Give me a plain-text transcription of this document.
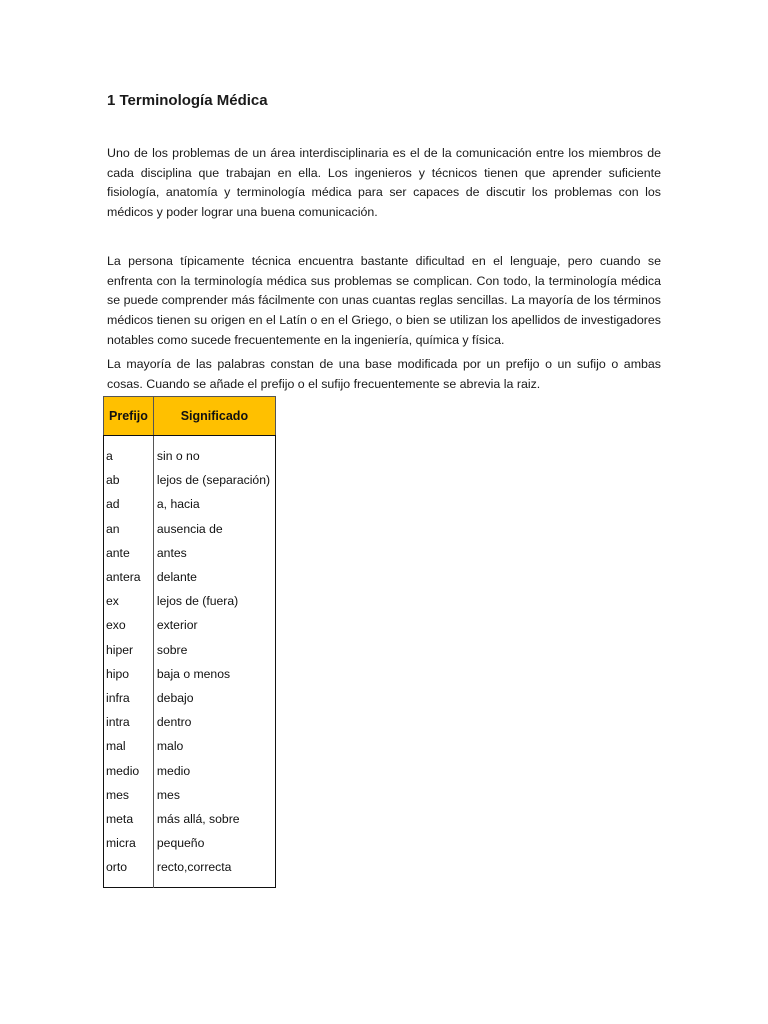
1 Terminología Médica

Uno de los problemas de un área interdisciplinaria es el de la comunicación entre los miembros de cada disciplina que trabajan en ella. Los ingenieros y técnicos tienen que aprender suficiente fisiología, anatomía y terminología médica para ser capaces de discutir los problemas con los médicos y poder lograr una buena comunicación.

La persona típicamente técnica encuentra bastante dificultad en el lenguaje, pero cuando se enfrenta con la terminología médica sus problemas se complican. Con todo, la terminología médica se puede comprender más fácilmente con unas cuantas reglas sencillas. La mayoría de los términos médicos tienen su origen en el Latín o en el Griego, o bien se utilizan los apellidos de investigadores notables como sucede frecuentemente en la ingeniería, química y física.

La mayoría de las palabras constan de una base modificada por un prefijo o un sufijo o ambas cosas. Cuando se añade el prefijo o el sufijo frecuentemente se abrevia la raiz.

Prefijo	Significado

a	sin o no
ab	lejos de (separación)
ad	a, hacia
an	ausencia de
ante	antes
antera	delante
ex	lejos de (fuera)
exo	exterior
hiper	sobre
hipo	baja o menos
infra	debajo
intra	dentro
mal	malo
medio	medio
mes	mes
meta	más allá, sobre
micra	pequeño
orto	recto,correcta
